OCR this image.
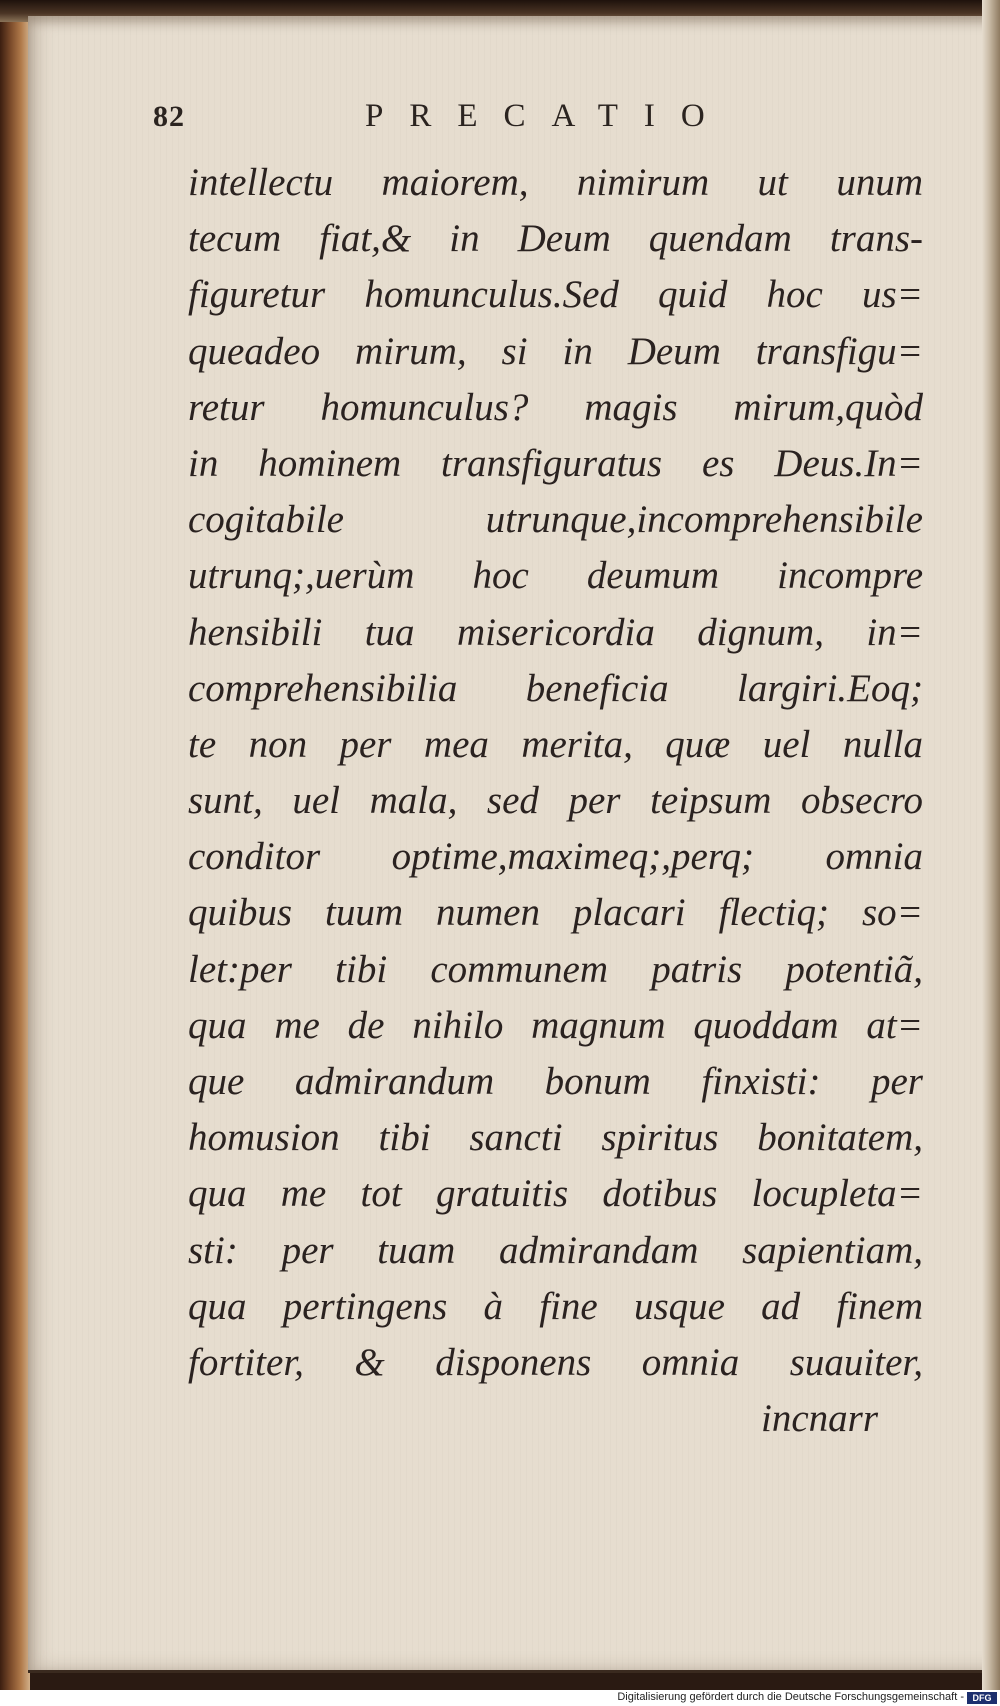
82	PRECATIO
intellectu maiorem, nimirum ut unum
tecum fiat,& in Deum quendam trans-
figuretur homunculus.Sed quid hoc us=
queadeo mirum, si in Deum transfigu=
retur homunculus? magis mirum,quòd
in hominem transfiguratus es Deus.In=
cogitabile utrunque,incomprehensibile
utrunq;,uerùm hoc deumum incompre
hensibili tua misericordia dignum, in=
comprehensibilia beneficia largiri.Eoq;
te non per mea merita, quæ uel nulla
sunt, uel mala, sed per teipsum obsecro
conditor optime,maximeq;,perq; omnia
quibus tuum numen placari flectiq; so=
let:per tibi communem patris potentiã,
qua me de nihilo magnum quoddam at=
que admirandum bonum finxisti: per
homusion tibi sancti spiritus bonitatem,
qua me tot gratuitis dotibus locupleta=
sti: per tuam admirandam sapientiam,
qua pertingens à fine usque ad finem
fortiter, & disponens omnia suauiter,
incnarr
Digitalisierung gefördert durch die Deutsche Forschungsgemeinschaft - DFG
